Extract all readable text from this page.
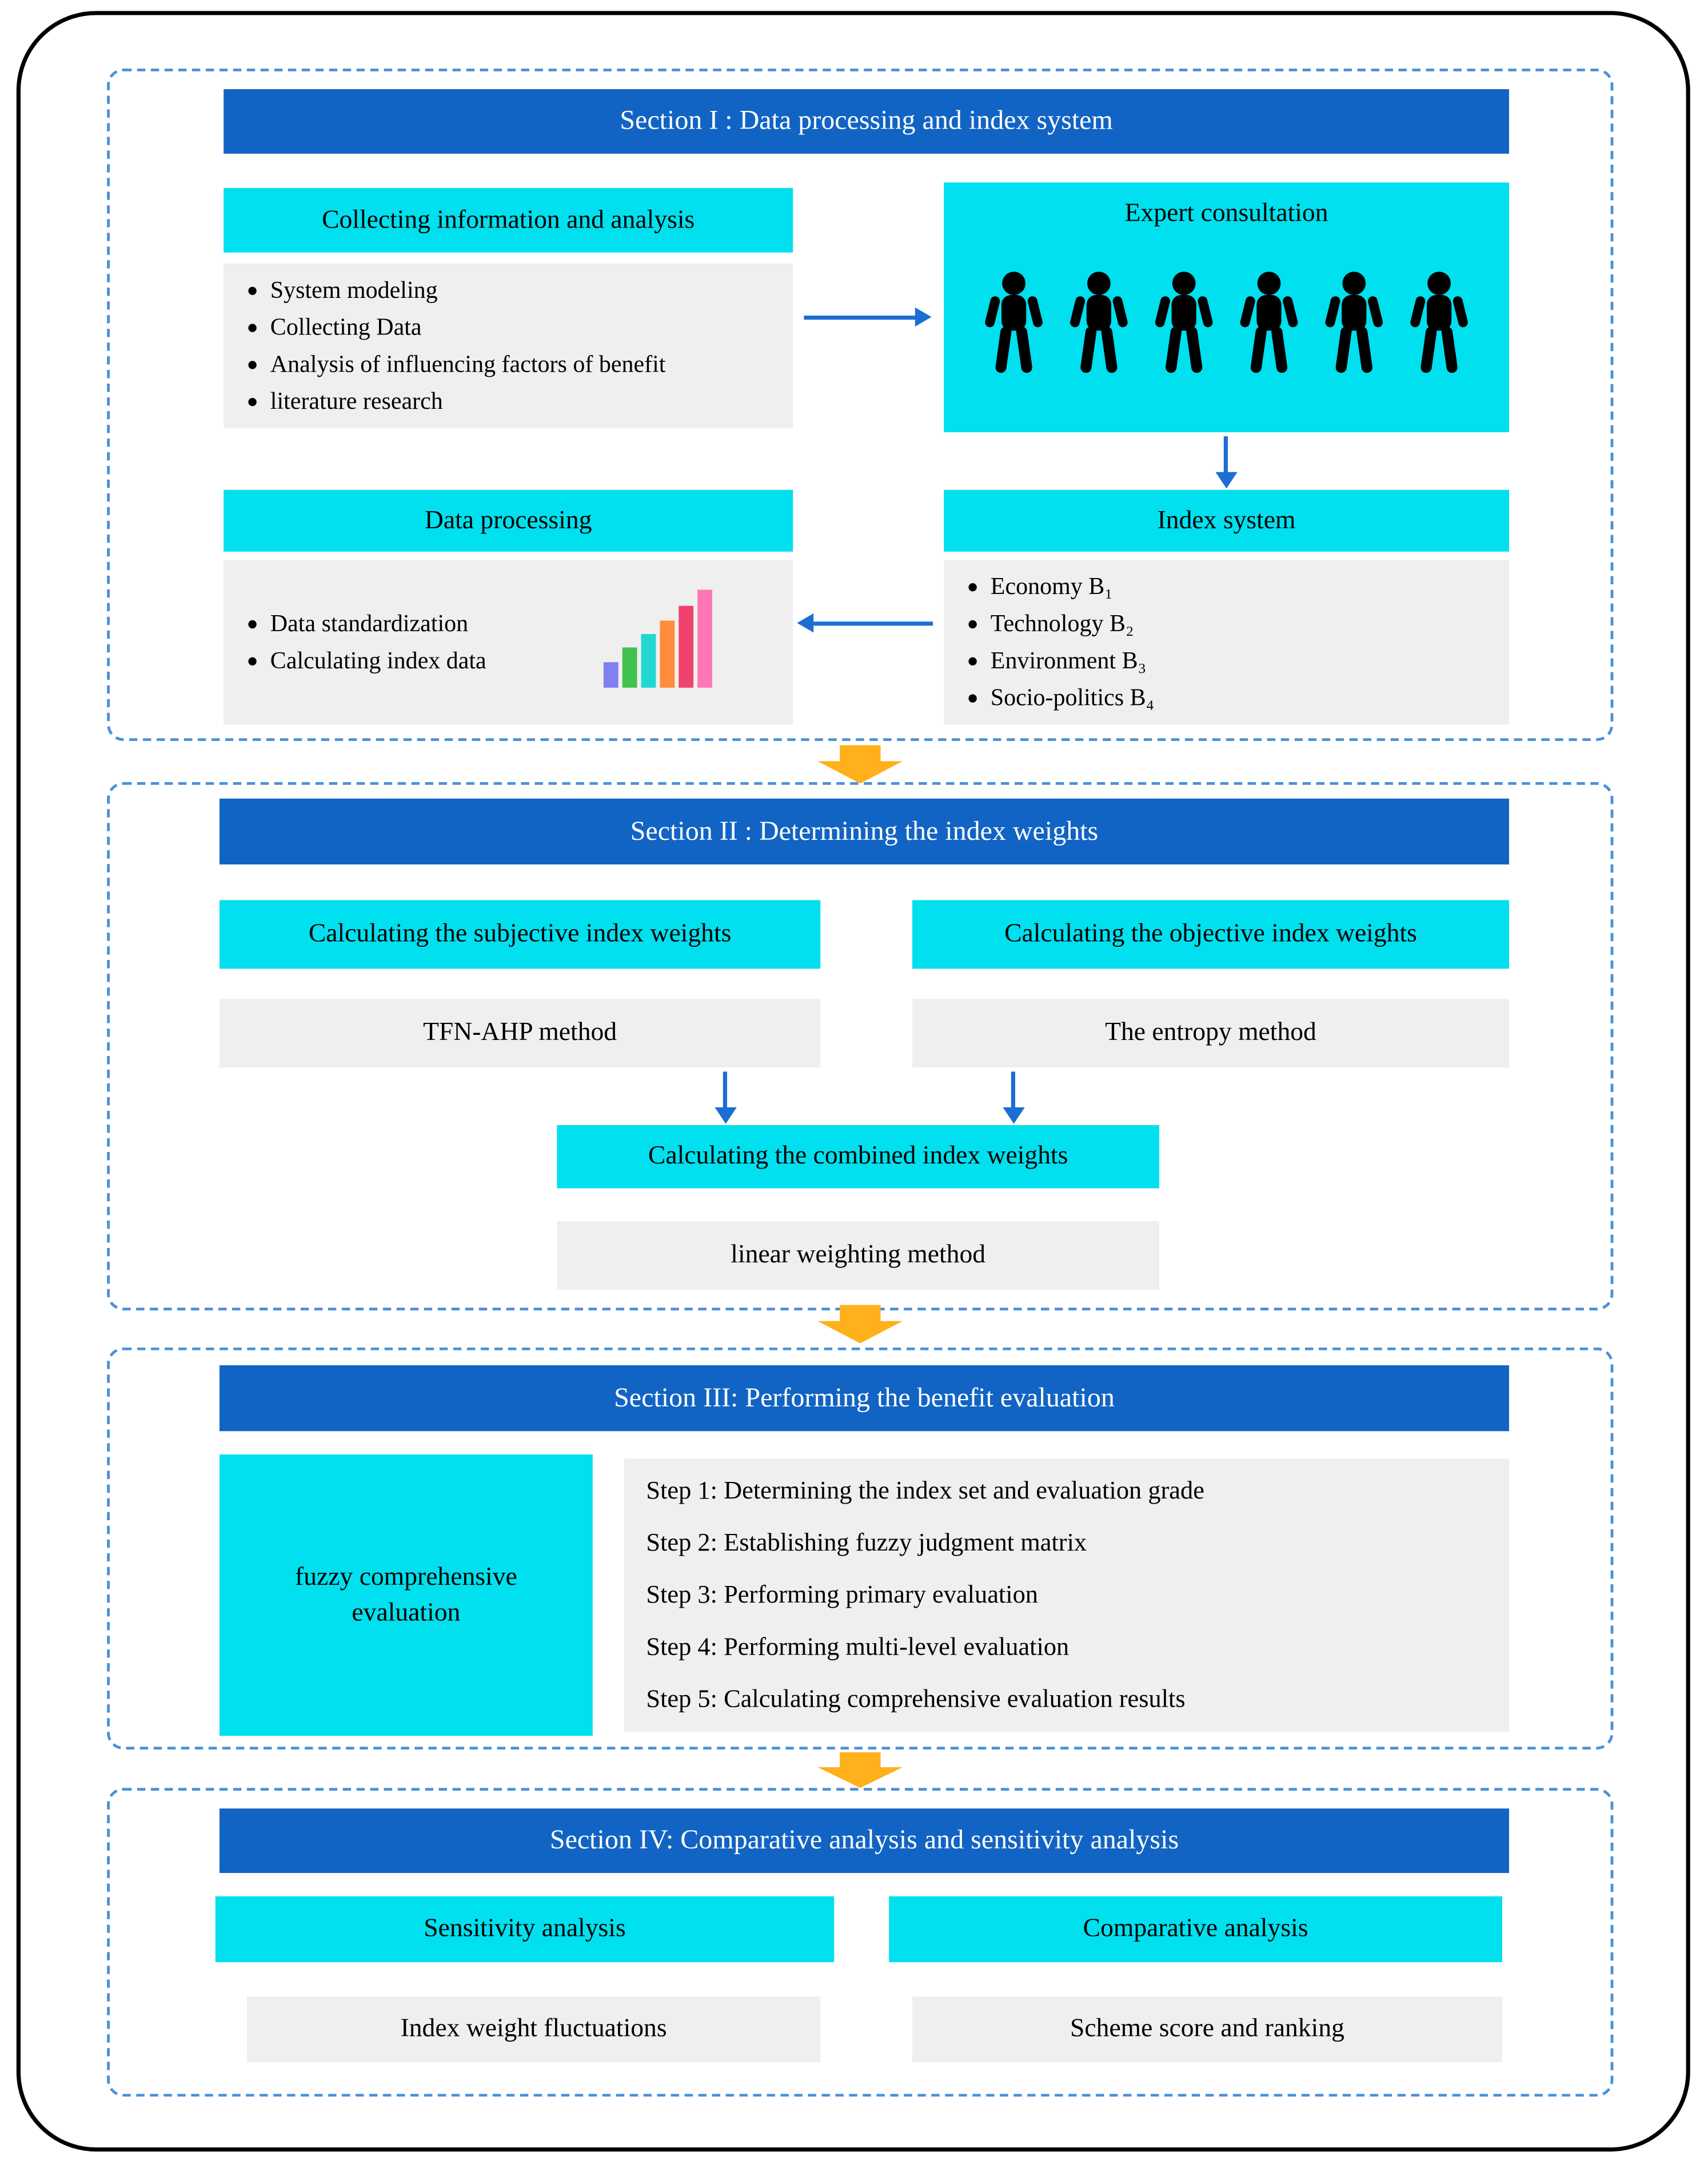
Section I : Data processing and index system
Collecting information and analysis
System modeling
Collecting Data
Analysis of influencing factors of benefit
literature research
Expert consultation
Index system
Economy B₁
Technology B₂
Environment B₃
Socio-politics B₄
Data processing
Data standardization
Calculating index data
Section II : Determining the index weights
Calculating the subjective index weights	Calculating the objective index weights
TFN-AHP method	The entropy method
Calculating the combined index weights
linear weighting method
Section III: Performing the benefit evaluation
fuzzy comprehensive evaluation
Step 1: Determining the index set and evaluation grade
Step 2: Establishing fuzzy judgment matrix
Step 3: Performing primary evaluation
Step 4: Performing multi-level evaluation
Step 5: Calculating comprehensive evaluation results
Section IV: Comparative analysis and sensitivity analysis
Sensitivity analysis	Comparative analysis
Index weight fluctuations	Scheme score and ranking
